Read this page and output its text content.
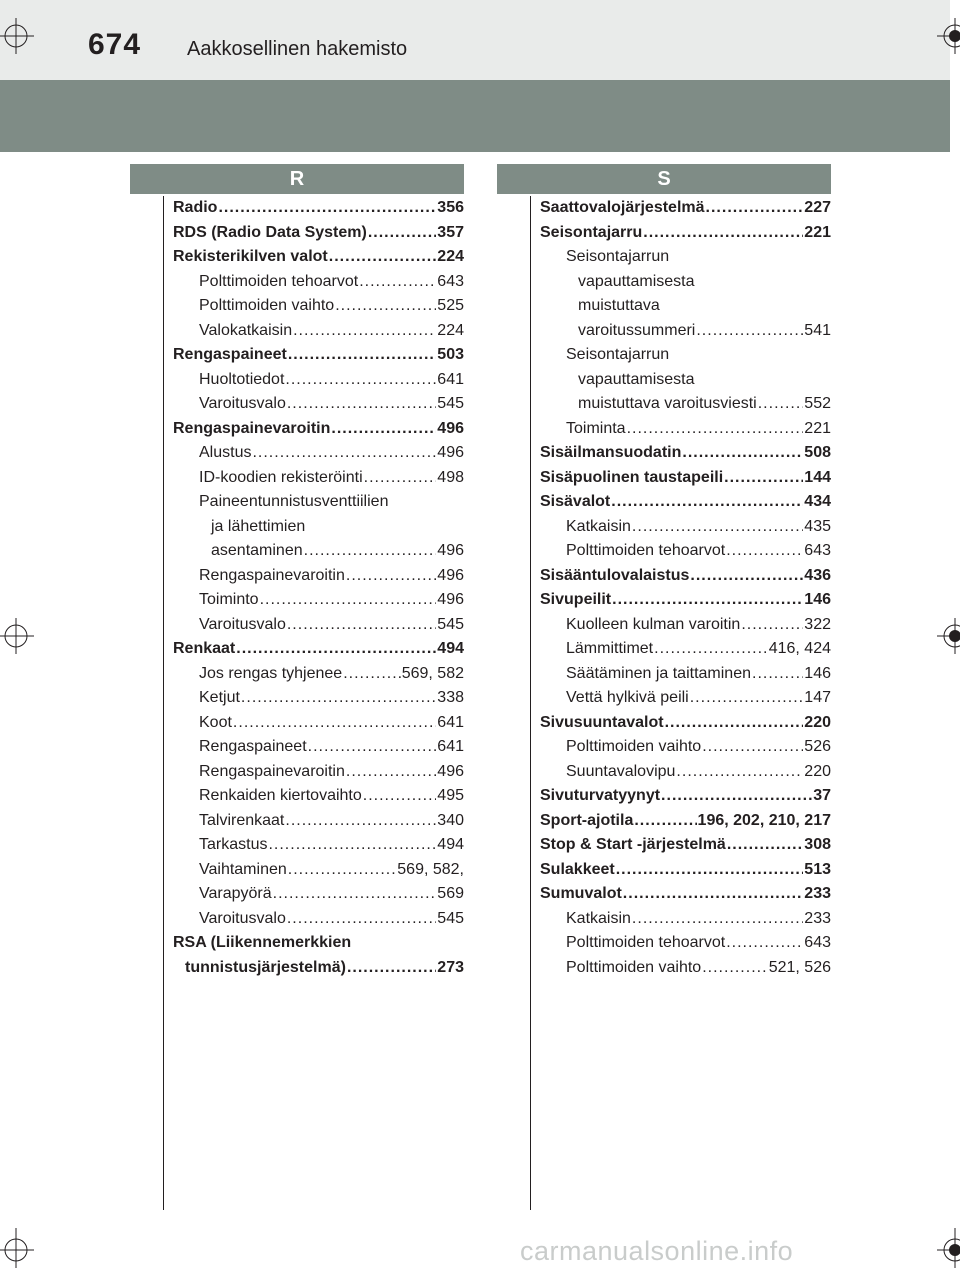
674 Aakkosellinen hakemisto
R	S
Radio .....	356
RDS (Radio Data System) .....	357
Rekisterikilven valot .....	224
Polttimoiden tehoarvot .....	643
Polttimoiden vaihto .....	525
Valokatkaisin .....	224
Rengaspaineet .....	503
Huoltotiedot .....	641
Varoitusvalo .....	545
Rengaspainevaroitin .....	496
Alustus .....	496
ID-koodien rekisteröinti .....	498
Paineentunnistusventtiilien
ja lähettimien
asentaminen .....	496
Rengaspainevaroitin .....	496
Toiminto .....	496
Varoitusvalo .....	545
Renkaat .....	494
Jos rengas tyhjenee .....	569, 582
Ketjut .....	338
Koot .....	641
Rengaspaineet .....	641
Rengaspainevaroitin .....	496
Renkaiden kiertovaihto .....	495
Talvirenkaat .....	340
Tarkastus .....	494
Vaihtaminen .....	569, 582,
Varapyörä .....	569
Varoitusvalo .....	545
RSA (Liikennemerkkien
tunnistusjärjestelmä) .....	273
Saattovalojärjestelmä .....	227
Seisontajarru .....	221
Seisontajarrun
vapauttamisesta
muistuttava
varoitussummeri .....	541
Seisontajarrun
vapauttamisesta
muistuttava varoitusviesti .....	552
Toiminta .....	221
Sisäilmansuodatin .....	508
Sisäpuolinen taustapeili .....	144
Sisävalot .....	434
Katkaisin .....	435
Polttimoiden tehoarvot .....	643
Sisääntulovalaistus .....	436
Sivupeilit .....	146
Kuolleen kulman varoitin .....	322
Lämmittimet .....	416, 424
Säätäminen ja taittaminen .....	146
Vettä hylkivä peili .....	147
Sivusuuntavalot .....	220
Polttimoiden vaihto .....	526
Suuntavalovipu .....	220
Sivuturvatyynyt .....	37
Sport-ajotila .....	196, 202, 210, 217
Stop & Start -järjestelmä .....	308
Sulakkeet .....	513
Sumuvalot .....	233
Katkaisin .....	233
Polttimoiden tehoarvot .....	643
Polttimoiden vaihto .....	521, 526
carmanualsonline.info
